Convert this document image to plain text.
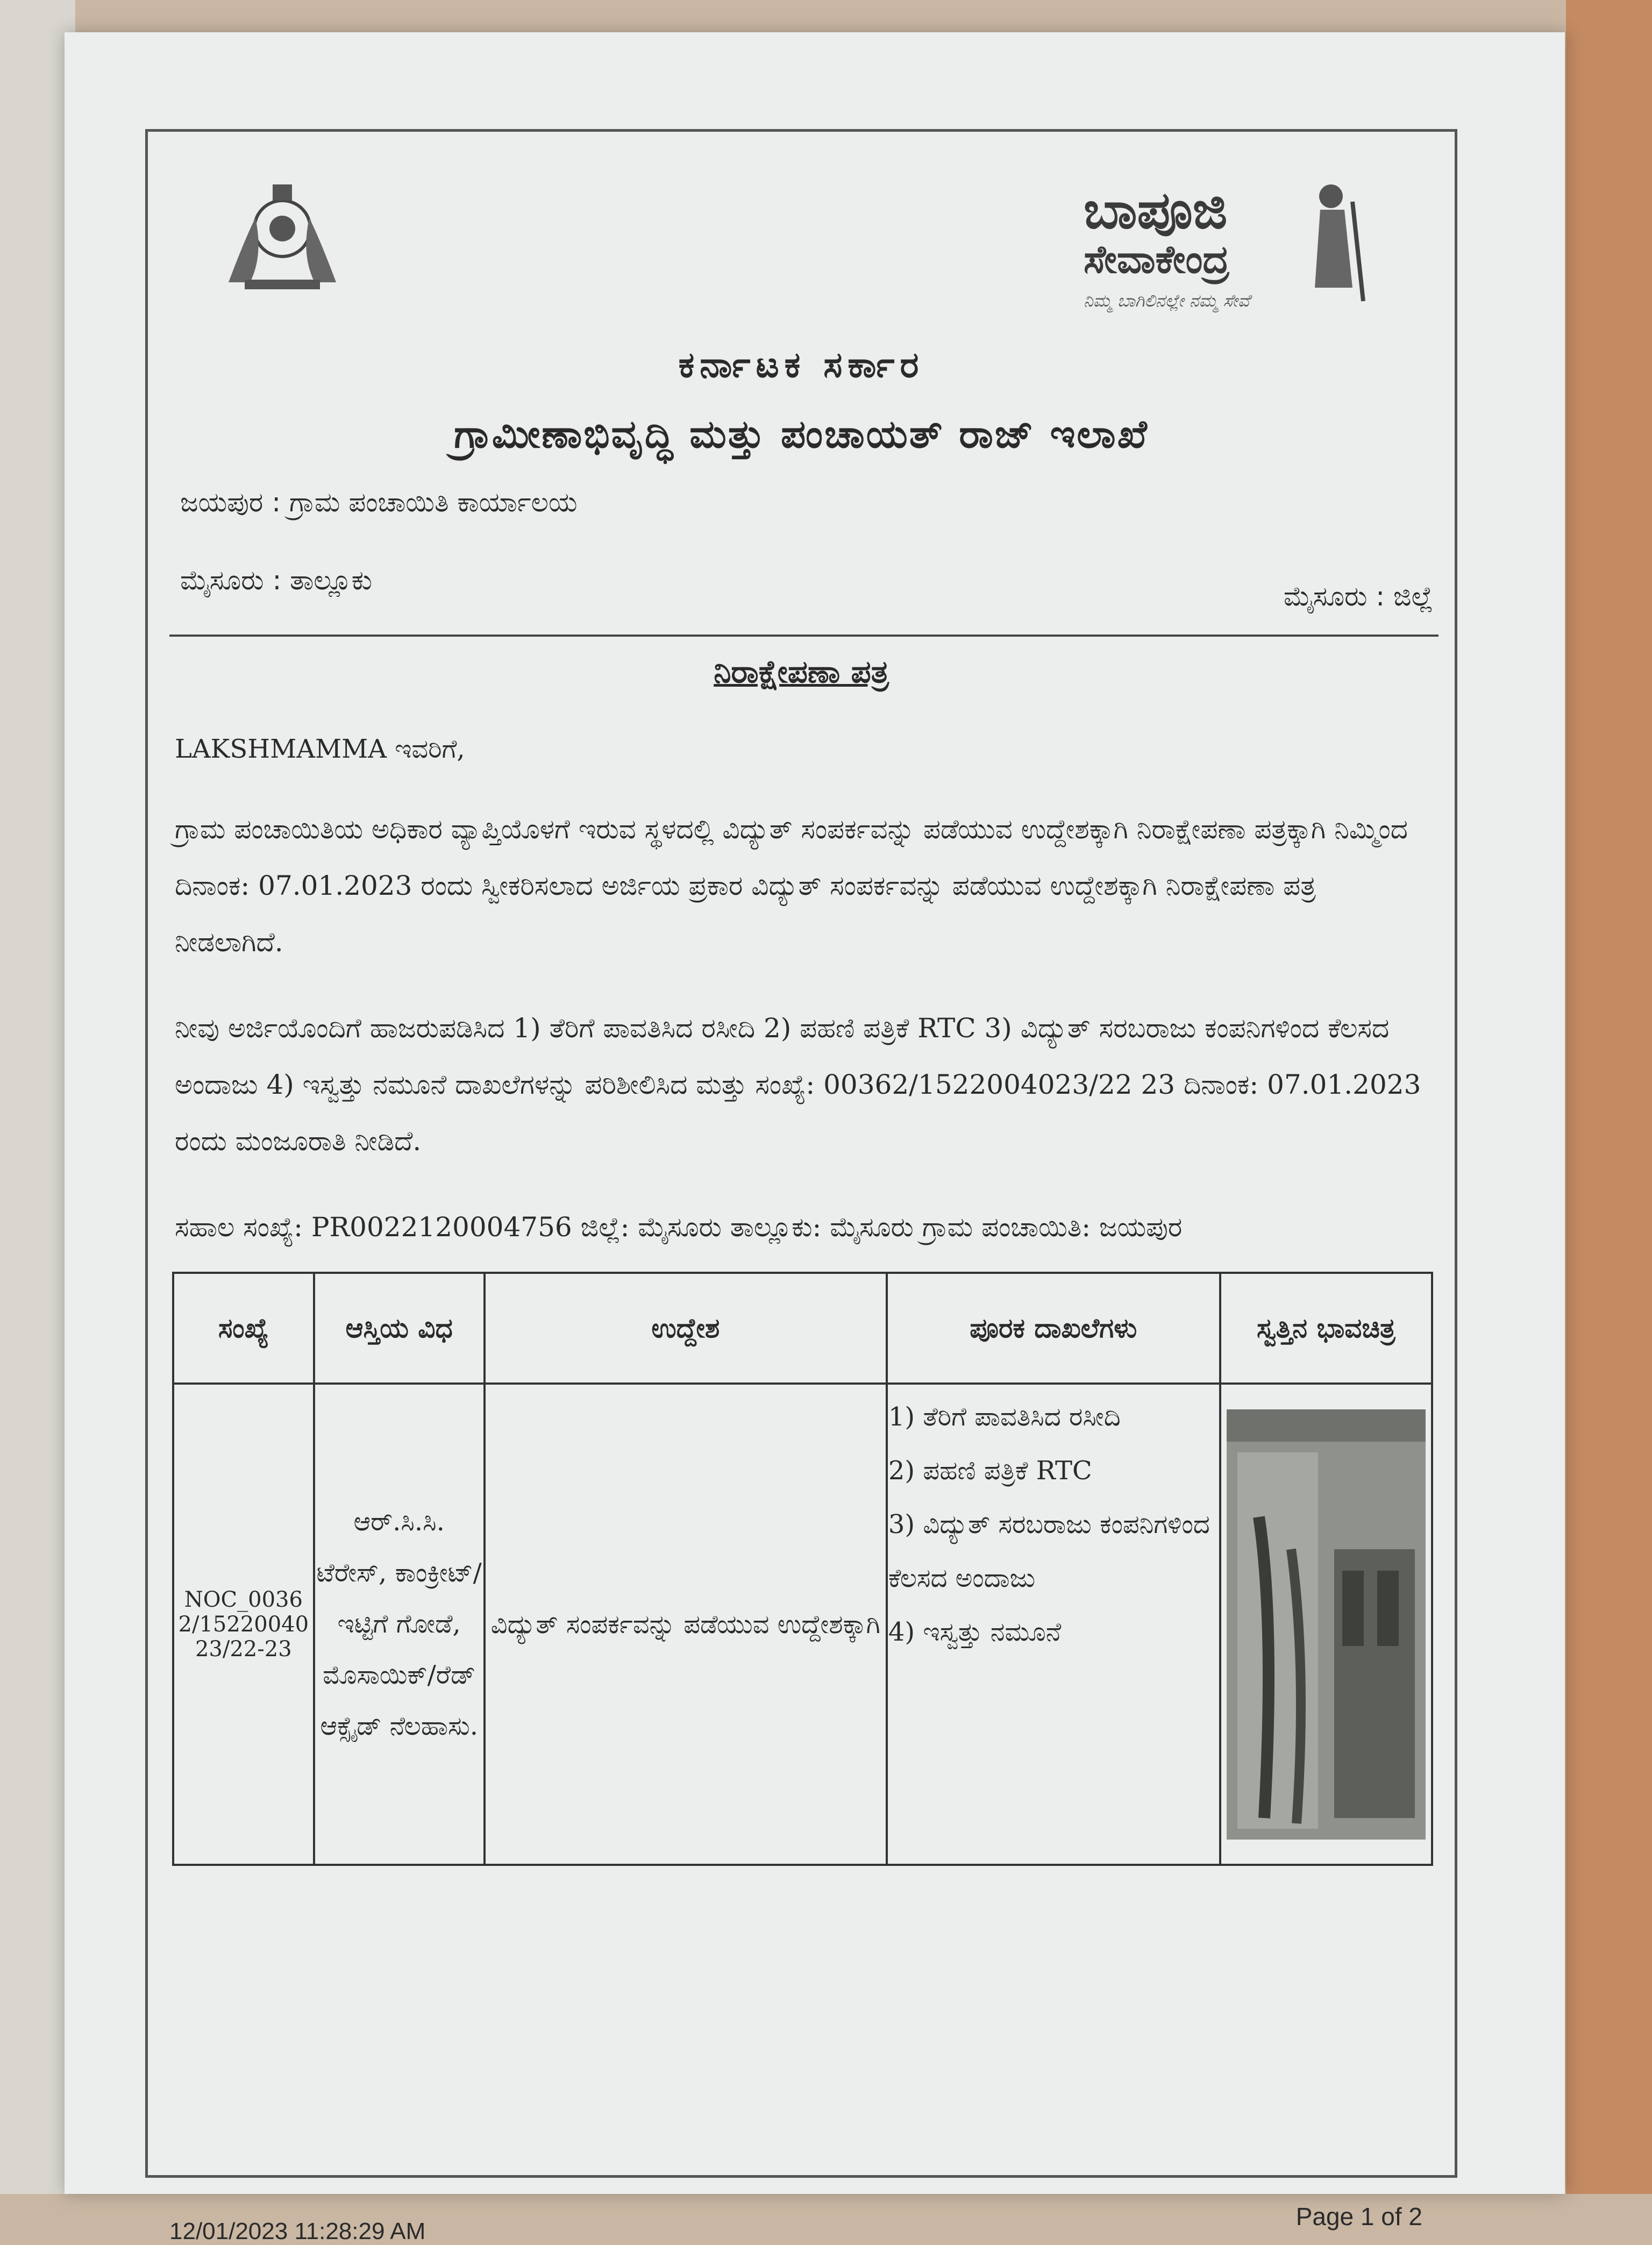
ಬಾಪೂಜಿ
ಸೇವಾಕೇಂದ್ರ
ನಿಮ್ಮ ಬಾಗಿಲಿನಲ್ಲೇ ನಮ್ಮ ಸೇವೆ
ಕರ್ನಾಟಕ ಸರ್ಕಾರ
ಗ್ರಾಮೀಣಾಭಿವೃದ್ಧಿ ಮತ್ತು ಪಂಚಾಯತ್ ರಾಜ್ ಇಲಾಖೆ
ಜಯಪುರ : ಗ್ರಾಮ ಪಂಚಾಯಿತಿ ಕಾರ್ಯಾಲಯ
ಮೈಸೂರು : ತಾಲ್ಲೂಕು
ಮೈಸೂರು : ಜಿಲ್ಲೆ
ನಿರಾಕ್ಷೇಪಣಾ ಪತ್ರ
LAKSHMAMMA ಇವರಿಗೆ,
ಗ್ರಾಮ ಪಂಚಾಯಿತಿಯ ಅಧಿಕಾರ ವ್ಯಾಪ್ತಿಯೊಳಗೆ ಇರುವ ಸ್ಥಳದಲ್ಲಿ ವಿದ್ಯುತ್ ಸಂಪರ್ಕವನ್ನು ಪಡೆಯುವ ಉದ್ದೇಶಕ್ಕಾಗಿ ನಿರಾಕ್ಷೇಪಣಾ ಪತ್ರಕ್ಕಾಗಿ ನಿಮ್ಮಿಂದ ದಿನಾಂಕ: 07.01.2023 ರಂದು ಸ್ವೀಕರಿಸಲಾದ ಅರ್ಜಿಯ ಪ್ರಕಾರ ವಿದ್ಯುತ್ ಸಂಪರ್ಕವನ್ನು ಪಡೆಯುವ ಉದ್ದೇಶಕ್ಕಾಗಿ ನಿರಾಕ್ಷೇಪಣಾ ಪತ್ರ ನೀಡಲಾಗಿದೆ.
ನೀವು ಅರ್ಜಿಯೊಂದಿಗೆ ಹಾಜರುಪಡಿಸಿದ 1) ತೆರಿಗೆ ಪಾವತಿಸಿದ ರಸೀದಿ 2) ಪಹಣಿ ಪತ್ರಿಕೆ RTC 3) ವಿದ್ಯುತ್ ಸರಬರಾಜು ಕಂಪನಿಗಳಿಂದ ಕೆಲಸದ ಅಂದಾಜು 4) ಇಸ್ವತ್ತು ನಮೂನೆ ದಾಖಲೆಗಳನ್ನು ಪರಿಶೀಲಿಸಿದ ಮತ್ತು ಸಂಖ್ಯೆ: 00362/1522004023/22 23 ದಿನಾಂಕ: 07.01.2023 ರಂದು ಮಂಜೂರಾತಿ ನೀಡಿದೆ.
ಸಹಾಲ ಸಂಖ್ಯೆ: PR0022120004756 ಜಿಲ್ಲೆ: ಮೈಸೂರು ತಾಲ್ಲೂಕು: ಮೈಸೂರು ಗ್ರಾಮ ಪಂಚಾಯಿತಿ: ಜಯಪುರ
ಸಂಖ್ಯೆ	ಆಸ್ತಿಯ ವಿಧ	ಉದ್ದೇಶ	ಪೂರಕ ದಾಖಲೆಗಳು	ಸ್ವತ್ತಿನ ಭಾವಚಿತ್ರ
NOC_00362/1522004023/22-23	ಆರ್.ಸಿ.ಸಿ. ಟೆರೇಸ್, ಕಾಂಕ್ರೀಟ್/ಇಟ್ಟಿಗೆ ಗೋಡೆ, ಮೊಸಾಯಿಕ್/ರೆಡ್ ಆಕ್ಸೈಡ್ ನೆಲಹಾಸು.	ವಿದ್ಯುತ್ ಸಂಪರ್ಕವನ್ನು ಪಡೆಯುವ ಉದ್ದೇಶಕ್ಕಾಗಿ	1) ತೆರಿಗೆ ಪಾವತಿಸಿದ ರಸೀದಿ
2) ಪಹಣಿ ಪತ್ರಿಕೆ RTC
3) ವಿದ್ಯುತ್ ಸರಬರಾಜು ಕಂಪನಿಗಳಿಂದ ಕೆಲಸದ ಅಂದಾಜು
4) ಇಸ್ವತ್ತು ನಮೂನೆ

12/01/2023 11:28:29 AM
Page 1 of 2
